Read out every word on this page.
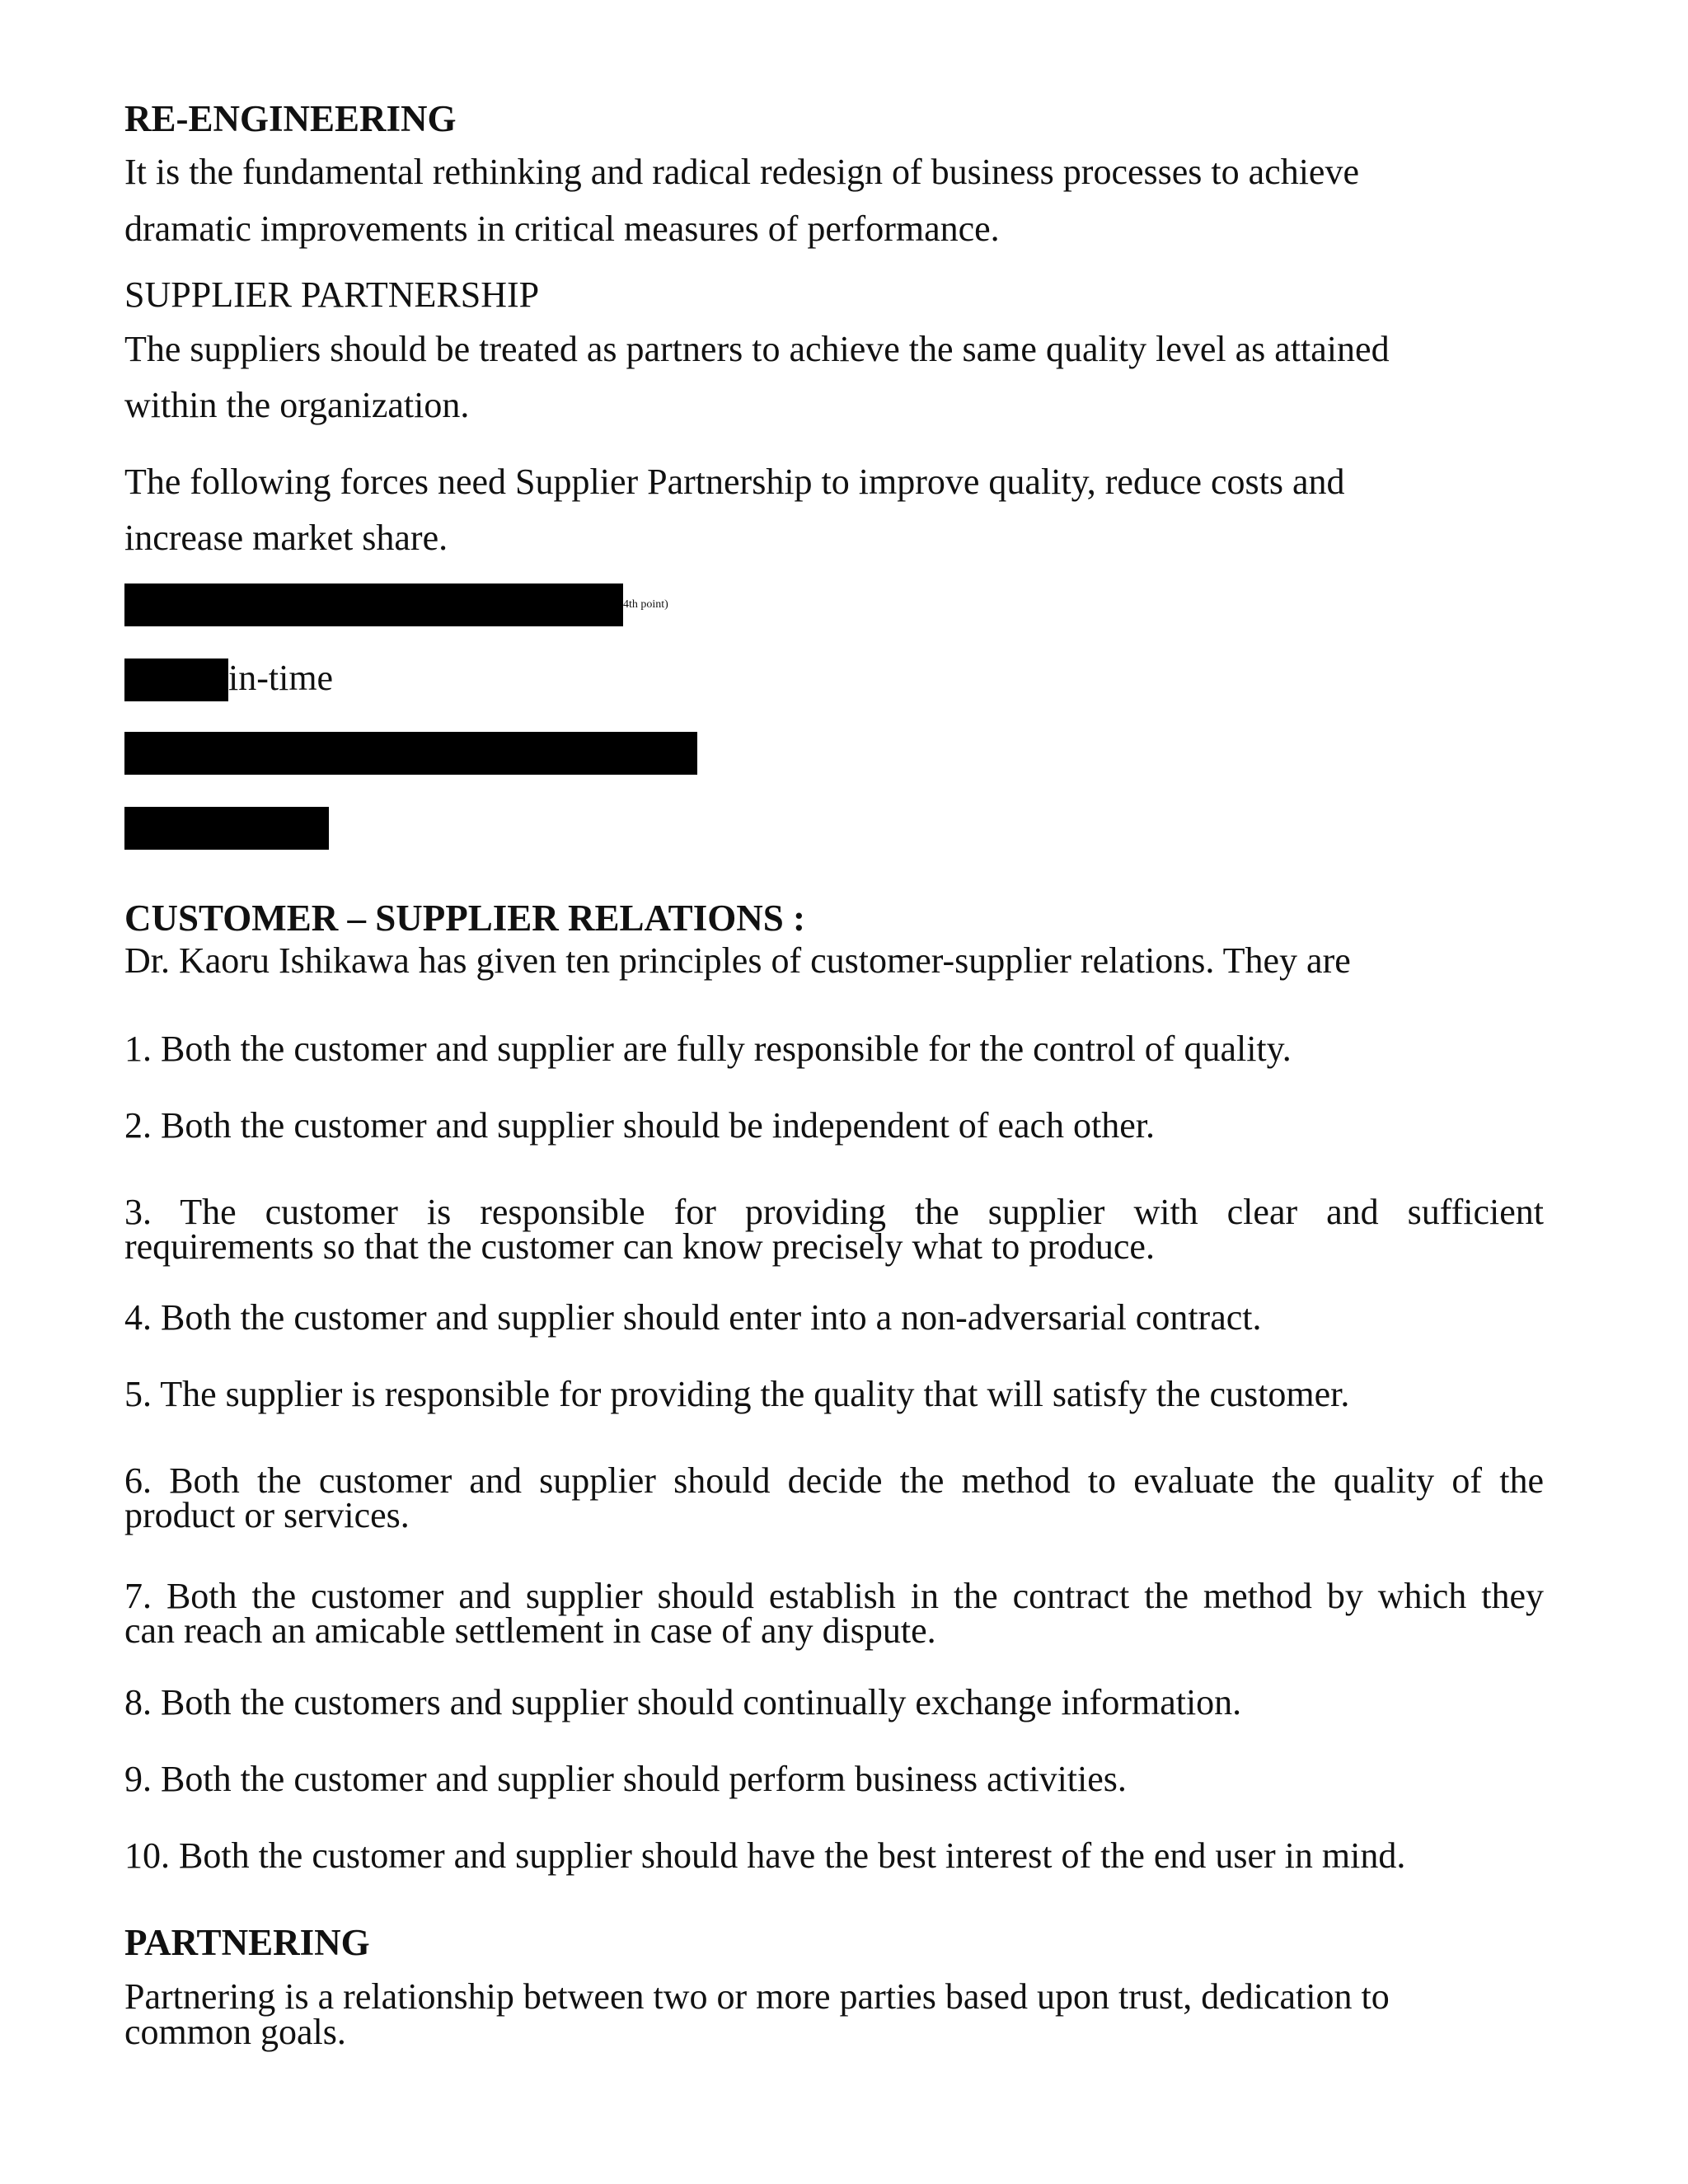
RE-ENGINEERING

It is the fundamental rethinking and radical redesign of business processes to achieve

dramatic improvements in critical measures of performance.

SUPPLIER PARTNERSHIP

The suppliers should be treated as partners to achieve the same quality level as attained

within the organization.

The following forces need Supplier Partnership to improve quality, reduce costs and

increase market share.

4th point)

in-time

CUSTOMER – SUPPLIER RELATIONS :

Dr. Kaoru Ishikawa has given ten principles of customer-supplier relations. They are

1. Both the customer and supplier are fully responsible for the control of quality.

2. Both the customer and supplier should be independent of each other.

3. The customer is responsible for providing the supplier with clear and sufficient

requirements so that the customer can know precisely what to produce.

4. Both the customer and supplier should enter into a non-adversarial contract.

5. The supplier is responsible for providing the quality that will satisfy the customer.

6. Both the customer and supplier should decide the method to evaluate the quality of the

product or services.

7. Both the customer and supplier should establish in the contract the method by which they

can reach an amicable settlement in case of any dispute.

8. Both the customers and supplier should continually exchange information.

9. Both the customer and supplier should perform business activities.

10. Both the customer and supplier should have the best interest of the end user in mind.

PARTNERING

Partnering is a relationship between two or more parties based upon trust, dedication to

common goals.
